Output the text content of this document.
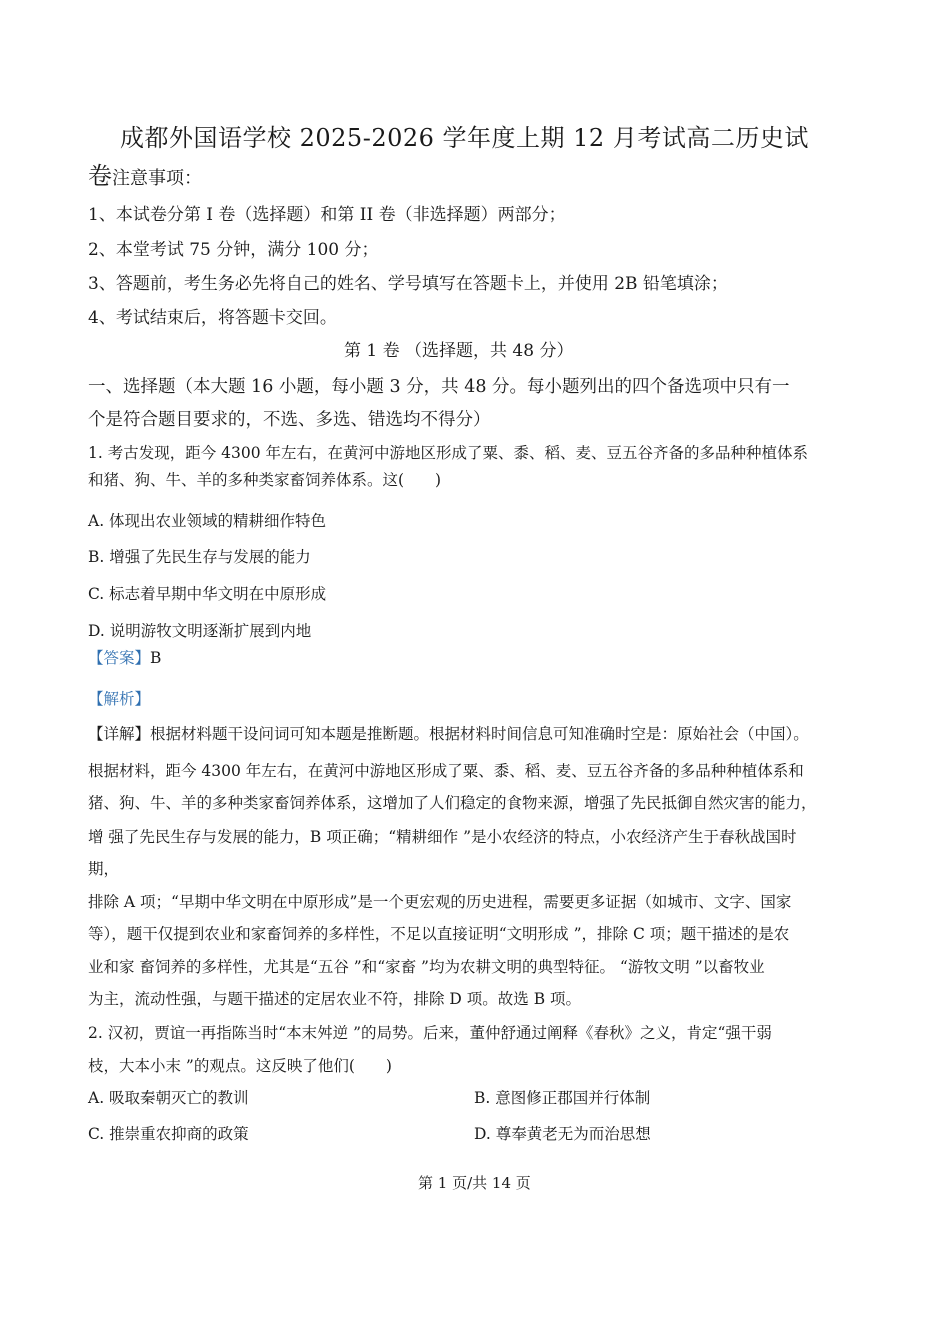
成都外国语学校 2025-2026 学年度上期 12 月考试高二历史试
卷注意事项：
1、本试卷分第 I 卷（选择题）和第 II 卷（非选择题）两部分；
2、本堂考试 75 分钟，满分 100 分；
3、答题前，考生务必先将自己的姓名、学号填写在答题卡上，并使用 2B 铅笔填涂；
4、考试结束后，将答题卡交回。
第 1 卷 （选择题，共 48 分）
一、选择题（本大题 16 小题，每小题 3 分，共 48 分。每小题列出的四个备选项中只有一
个是符合题目要求的，不选、多选、错选均不得分）
1. 考古发现，距今 4300 年左右，在黄河中游地区形成了粟、黍、稻、麦、豆五谷齐备的多品种种植体系
和猪、狗、牛、羊的多种类家畜饲养体系。这(　　)
A. 体现出农业领域的精耕细作特色
B. 增强了先民生存与发展的能力
C. 标志着早期中华文明在中原形成
D. 说明游牧文明逐渐扩展到内地
【答案】B
【解析】
【详解】根据材料题干设问词可知本题是推断题。根据材料时间信息可知准确时空是：原始社会（中国）。
根据材料，距今 4300 年左右，在黄河中游地区形成了粟、黍、稻、麦、豆五谷齐备的多品种种植体系和
猪、狗、牛、羊的多种类家畜饲养体系，这增加了人们稳定的食物来源，增强了先民抵御自然灾害的能力，
增 强了先民生存与发展的能力，B 项正确；“精耕细作 ”是小农经济的特点，小农经济产生于春秋战国时
期，
排除 A 项；“早期中华文明在中原形成”是一个更宏观的历史进程，需要更多证据（如城市、文字、国家
等），题干仅提到农业和家畜饲养的多样性，不足以直接证明“文明形成 ”，排除 C 项；题干描述的是农
业和家 畜饲养的多样性，尤其是“五谷 ”和“家畜 ”均为农耕文明的典型特征。 “游牧文明 ”以畜牧业
为主，流动性强，与题干描述的定居农业不符，排除 D 项。故选 B 项。
2. 汉初，贾谊一再指陈当时“本末舛逆 ”的局势。后来，董仲舒通过阐释《春秋》之义，肯定“强干弱
枝，大本小末 ”的观点。这反映了他们(　　)
A. 吸取秦朝灭亡的教训	B. 意图修正郡国并行体制
C. 推崇重农抑商的政策	D. 尊奉黄老无为而治思想
第 1 页/共 14 页
